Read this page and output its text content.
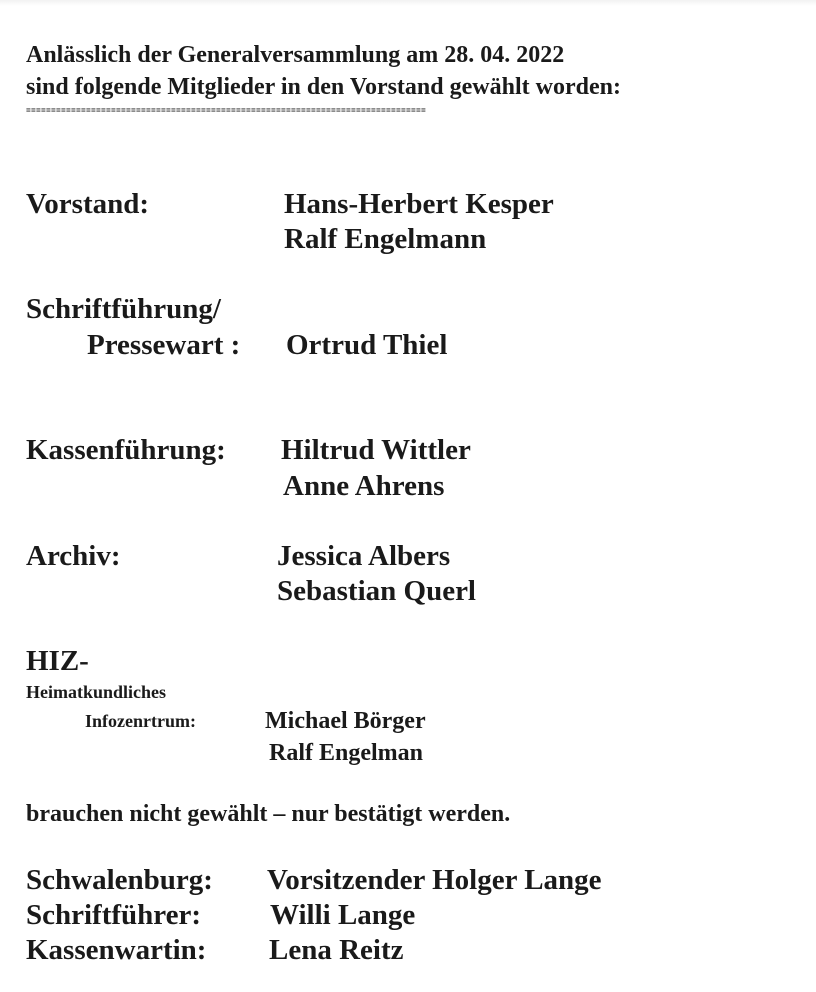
Anlässlich der Generalversammlung am 28. 04. 2022

sind folgende Mitglieder in den Vorstand gewählt worden:

================================================================================

Vorstand:	Hans-Herbert Kesper

Ralf Engelmann

Schriftführung/

Pressewart : Ortrud Thiel

Kassenführung: Hiltrud Wittler

Anne Ahrens

Archiv:	Jessica Albers

Sebastian Querl

HIZ-

Heimatkundliches

Infozenrtrum:	Michael Börger

Ralf Engelman

brauchen nicht gewählt – nur bestätigt werden.

Schwalenburg: Vorsitzender Holger Lange

Schriftführer: Willi Lange

Kassenwartin: Lena Reitz
